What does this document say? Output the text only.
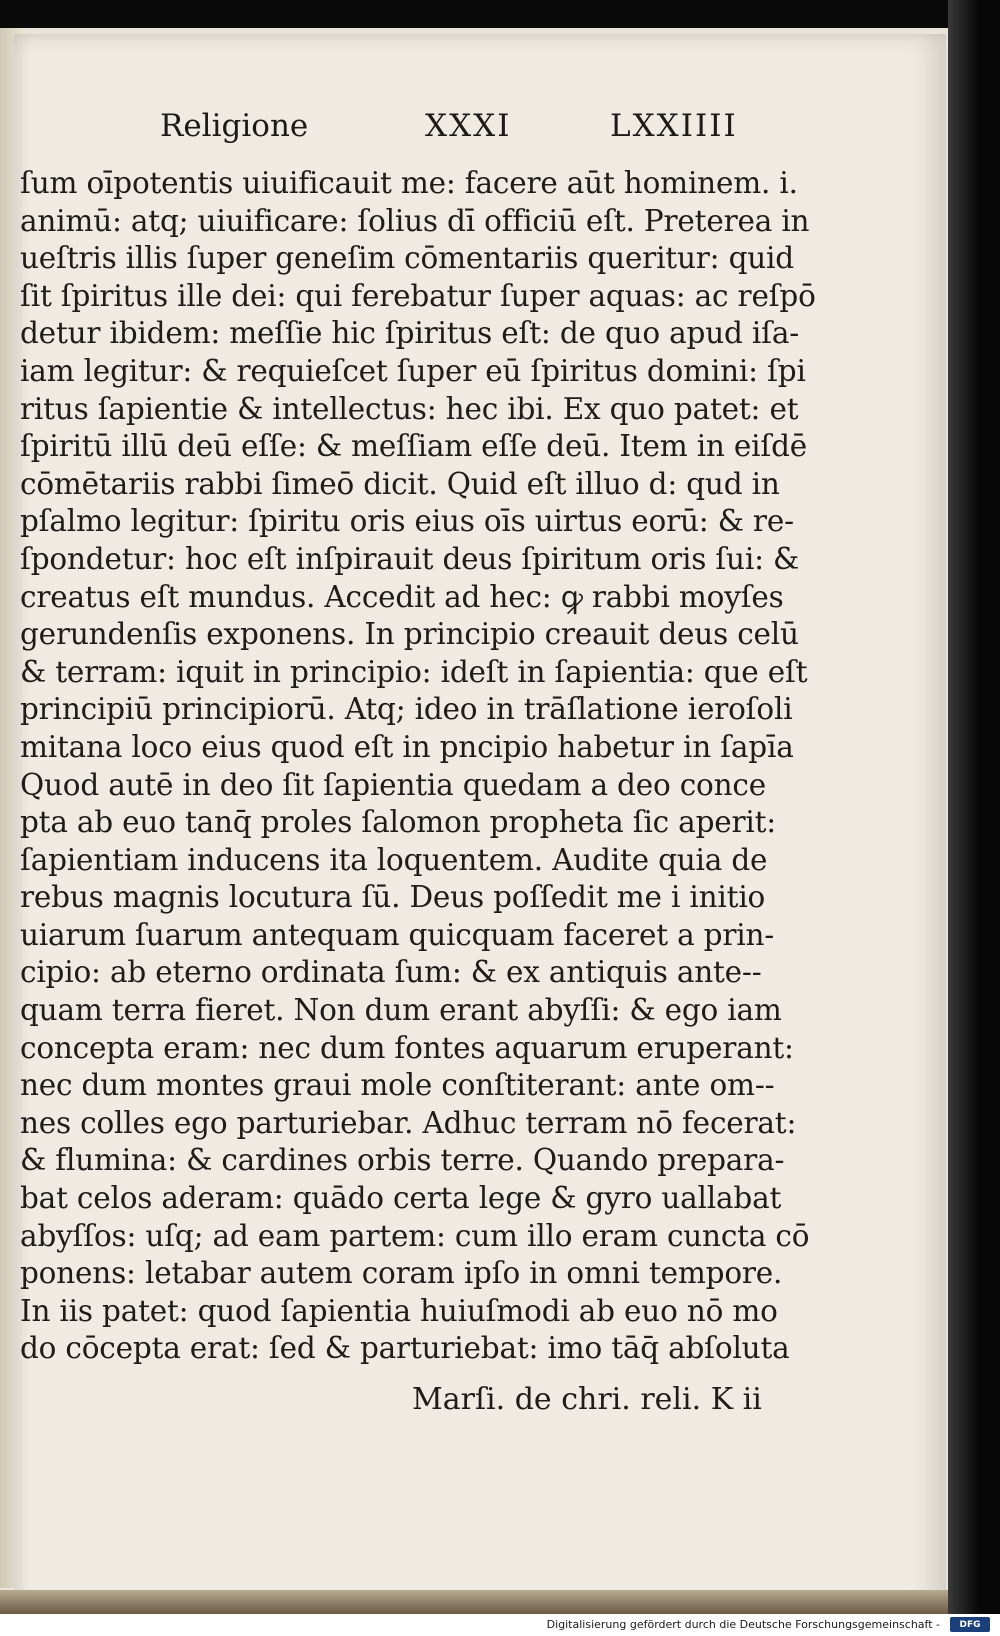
Religione	XXXI	LXXIIII
ſum oīpotentis uiuificauit me: facere aūt hominem. i.
animū: atq; uiuificare: ſolius dī officiū eſt. Preterea in
ueſtris illis ſuper geneſim cōmentariis queritur: quid
ſit ſpiritus ille dei: qui ferebatur ſuper aquas: ac reſpō
detur ibidem: meſſie hic ſpiritus eſt: de quo apud iſa-
iam legitur: & requieſcet ſuper eū ſpiritus domini: ſpi
ritus ſapientie & intellectus: hec ibi. Ex quo patet: et
ſpiritū illū deū eſſe: & meſſiam eſſe deū. Item in eiſdē
cōmētariis rabbi ſimeō dicit. Quid eſt illuo d: qud in
pſalmo legitur: ſpiritu oris eius oīs uirtus eorū: & re-
ſpondetur: hoc eſt inſpirauit deus ſpiritum oris ſui: &
creatus eſt mundus. Accedit ad hec: ꝙ rabbi moyſes
gerundenſis exponens. In principio creauit deus celū
& terram: iquit in principio: ideſt in ſapientia: que eſt
principiū principiorū. Atq; ideo in trāſlatione ieroſoli
mitana loco eius quod eſt in pncipio habetur in ſapīa
Quod autē in deo ſit ſapientia quedam a deo conce
pta ab euo tanq̄ proles ſalomon propheta ſic aperit:
ſapientiam inducens ita loquentem. Audite quia de
rebus magnis locutura ſū. Deus poſſedit me i initio
uiarum ſuarum antequam quicquam faceret a prin-
cipio: ab eterno ordinata ſum: & ex antiquis ante--
quam terra fieret. Non dum erant abyſſi: & ego iam
concepta eram: nec dum fontes aquarum eruperant:
nec dum montes graui mole conſtiterant: ante om--
nes colles ego parturiebar. Adhuc terram nō fecerat:
& flumina: & cardines orbis terre. Quando prepara-
bat celos aderam: quādo certa lege & gyro uallabat
abyſſos: uſq; ad eam partem: cum illo eram cuncta cō
ponens: letabar autem coram ipſo in omni tempore.
In iis patet: quod ſapientia huiuſmodi ab euo nō mo
do cōcepta erat: ſed & parturiebat: imo tāq̄ abſoluta
Marſi. de chri. reli. K ii
Digitalisierung gefördert durch die Deutsche Forschungsgemeinschaft -	DFG
